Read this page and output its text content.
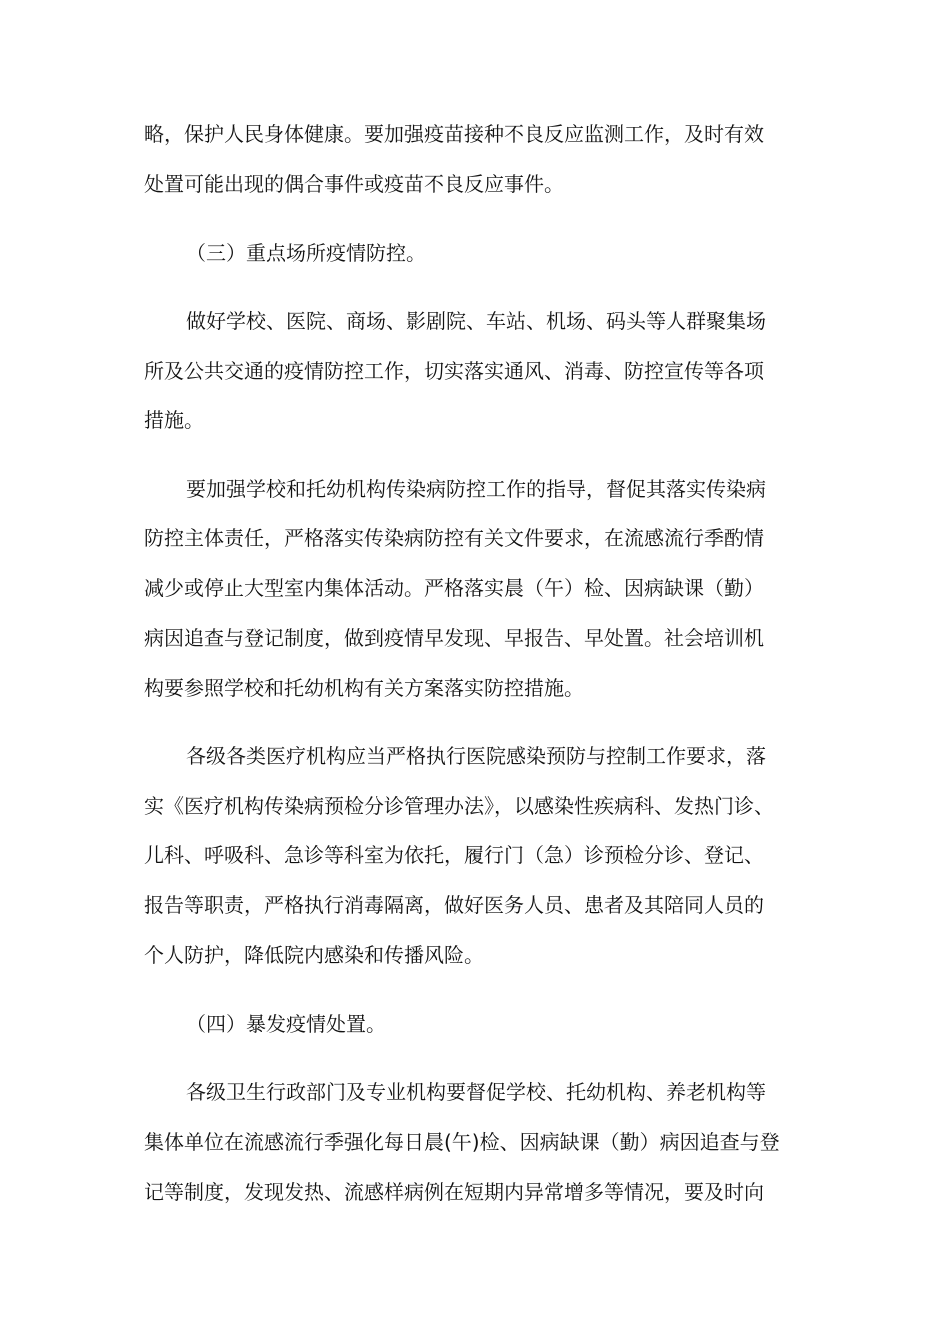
略，保护人民身体健康。要加强疫苗接种不良反应监测工作，及时有效
处置可能出现的偶合事件或疫苗不良反应事件。
（三）重点场所疫情防控。
做好学校、医院、商场、影剧院、车站、机场、码头等人群聚集场
所及公共交通的疫情防控工作，切实落实通风、消毒、防控宣传等各项
措施。
要加强学校和托幼机构传染病防控工作的指导，督促其落实传染病
防控主体责任，严格落实传染病防控有关文件要求，在流感流行季酌情
减少或停止大型室内集体活动。严格落实晨（午）检、因病缺课（勤）
病因追查与登记制度，做到疫情早发现、早报告、早处置。社会培训机
构要参照学校和托幼机构有关方案落实防控措施。
各级各类医疗机构应当严格执行医院感染预防与控制工作要求，落
实《医疗机构传染病预检分诊管理办法》，以感染性疾病科、发热门诊、
儿科、呼吸科、急诊等科室为依托，履行门（急）诊预检分诊、登记、
报告等职责，严格执行消毒隔离，做好医务人员、患者及其陪同人员的
个人防护，降低院内感染和传播风险。
（四）暴发疫情处置。
各级卫生行政部门及专业机构要督促学校、托幼机构、养老机构等
集体单位在流感流行季强化每日晨(午)检、因病缺课（勤）病因追查与登
记等制度，发现发热、流感样病例在短期内异常增多等情况，要及时向
